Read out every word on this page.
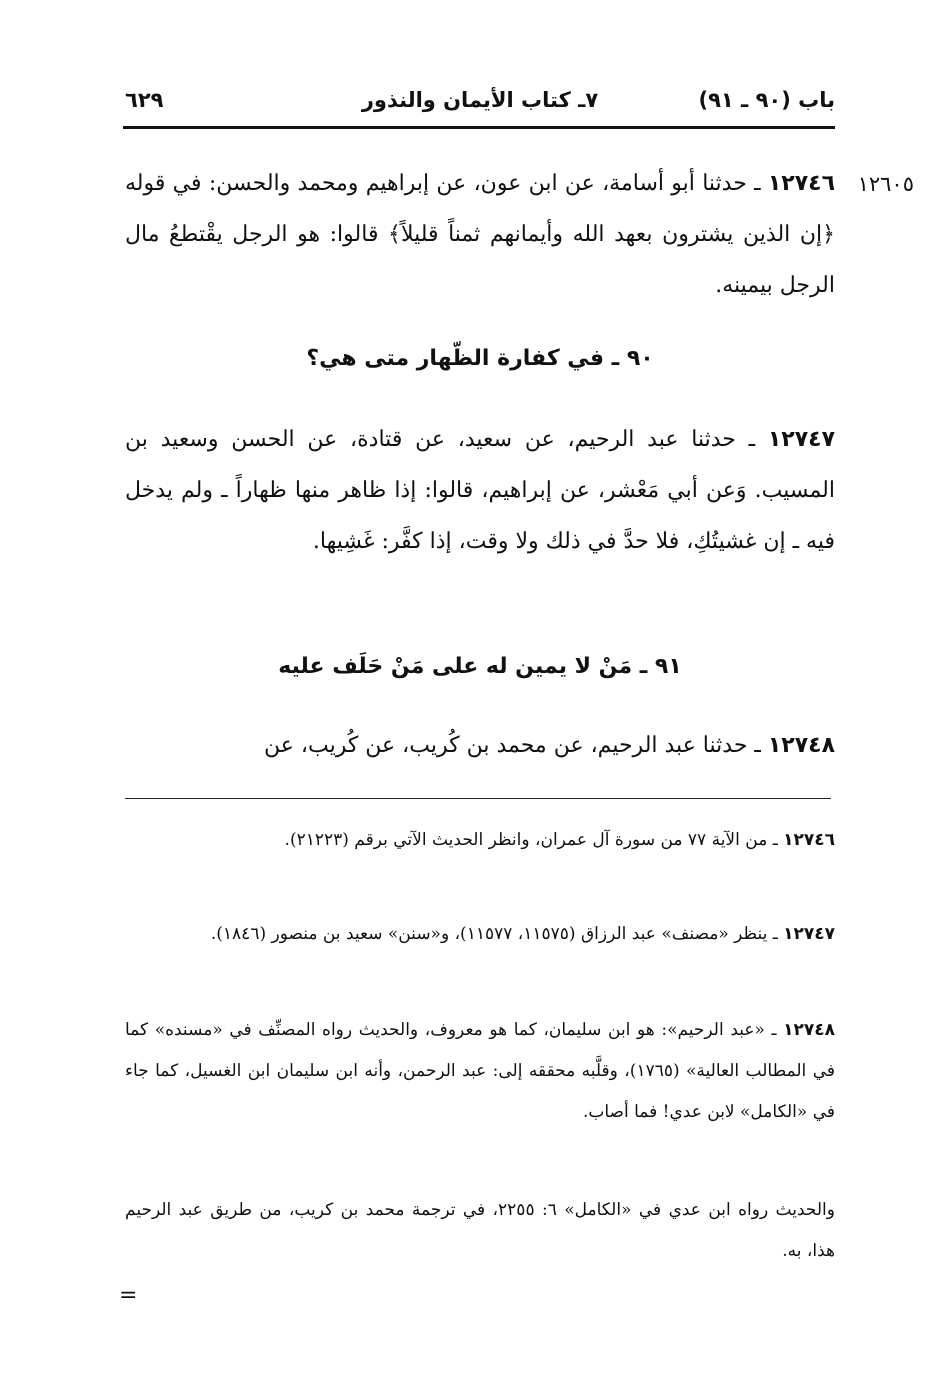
باب (٩٠ ـ ٩١)
٧ـ كتاب الأيمان والنذور
٦٢٩
١٢٦٠٥
١٢٧٤٦ ـ حدثنا أبو أسامة، عن ابن عون، عن إبراهيم ومحمد والحسن: في قوله ﴿إن الذين يشترون بعهد الله وأيمانهم ثمناً قليلاً﴾ قالوا: هو الرجل يقْتطعُ مال الرجل بيمينه.
٩٠ ـ في كفارة الظّهار متى هي؟
١٢٧٤٧ ـ حدثنا عبد الرحيم، عن سعيد، عن قتادة، عن الحسن وسعيد بن المسيب. وَعن أبي مَعْشر، عن إبراهيم، قالوا: إذا ظاهر منها ظهاراً ـ ولم يدخل فيه ـ إن غشيتُكِ، فلا حدَّ في ذلك ولا وقت، إذا كفَّر: غَشِيها.
٩١ ـ مَنْ لا يمين له على مَنْ حَلَف عليه
١٢٧٤٨ ـ حدثنا عبد الرحيم، عن محمد بن كُريب، عن كُريب، عن
١٢٧٤٦ ـ من الآية ٧٧ من سورة آل عمران، وانظر الحديث الآتي برقم (٢١٢٢٣).
١٢٧٤٧ ـ ينظر «مصنف» عبد الرزاق (١١٥٧٥، ١١٥٧٧)، و«سنن» سعيد بن منصور (١٨٤٦).
١٢٧٤٨ ـ «عبد الرحيم»: هو ابن سليمان، كما هو معروف، والحديث رواه المصنِّف في «مسنده» كما في المطالب العالية» (١٧٦٥)، وقلَّبه محققه إلى: عبد الرحمن، وأنه ابن سليمان ابن الغسيل، كما جاء في «الكامل» لابن عدي! فما أصاب.
والحديث رواه ابن عدي في «الكامل» ٦: ٢٢٥٥، في ترجمة محمد بن كريب، من طريق عبد الرحيم هذا، به.
=
